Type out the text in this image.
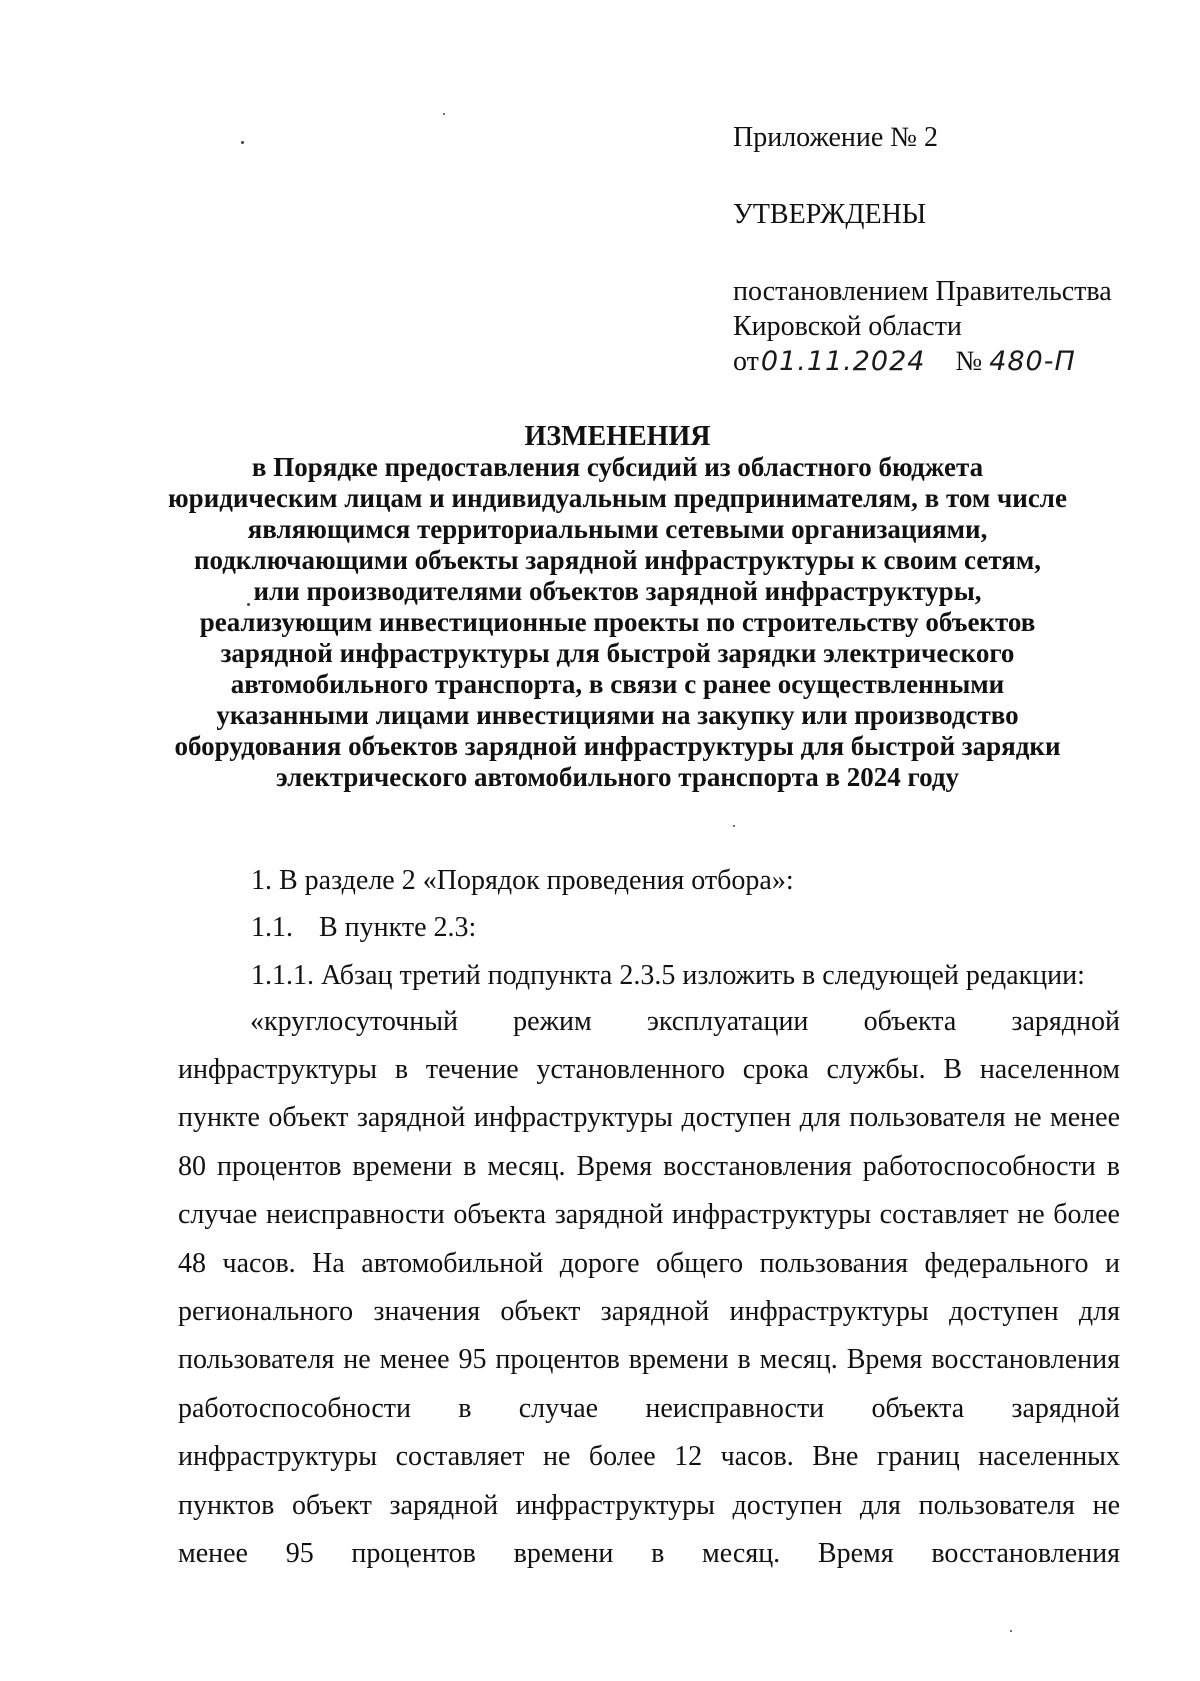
Приложение № 2
УТВЕРЖДЕНЫ
постановлением Правительства
Кировской области
от01.11.2024 № 480-П
ИЗМЕНЕНИЯ
в Порядке предоставления субсидий из областного бюджета
юридическим лицам и индивидуальным предпринимателям, в том числе
являющимся территориальными сетевыми организациями,
подключающими объекты зарядной инфраструктуры к своим сетям,
или производителями объектов зарядной инфраструктуры,
реализующим инвестиционные проекты по строительству объектов
зарядной инфраструктуры для быстрой зарядки электрического
автомобильного транспорта, в связи с ранее осуществленными
указанными лицами инвестициями на закупку или производство
оборудования объектов зарядной инфраструктуры для быстрой зарядки
электрического автомобильного транспорта в 2024 году
1. В разделе 2 «Порядок проведения отбора»:
1.1. В пункте 2.3:
1.1.1. Абзац третий подпункта 2.3.5 изложить в следующей редакции:
«круглосуточный режим эксплуатации объекта зарядной
инфраструктуры в течение установленного срока службы. В населенном
пункте объект зарядной инфраструктуры доступен для пользователя не менее
80 процентов времени в месяц. Время восстановления работоспособности в
случае неисправности объекта зарядной инфраструктуры составляет не более
48 часов. На автомобильной дороге общего пользования федерального и
регионального значения объект зарядной инфраструктуры доступен для
пользователя не менее 95 процентов времени в месяц. Время восстановления
работоспособности в случае неисправности объекта зарядной
инфраструктуры составляет не более 12 часов. Вне границ населенных
пунктов объект зарядной инфраструктуры доступен для пользователя не
менее 95 процентов времени в месяц. Время восстановления
